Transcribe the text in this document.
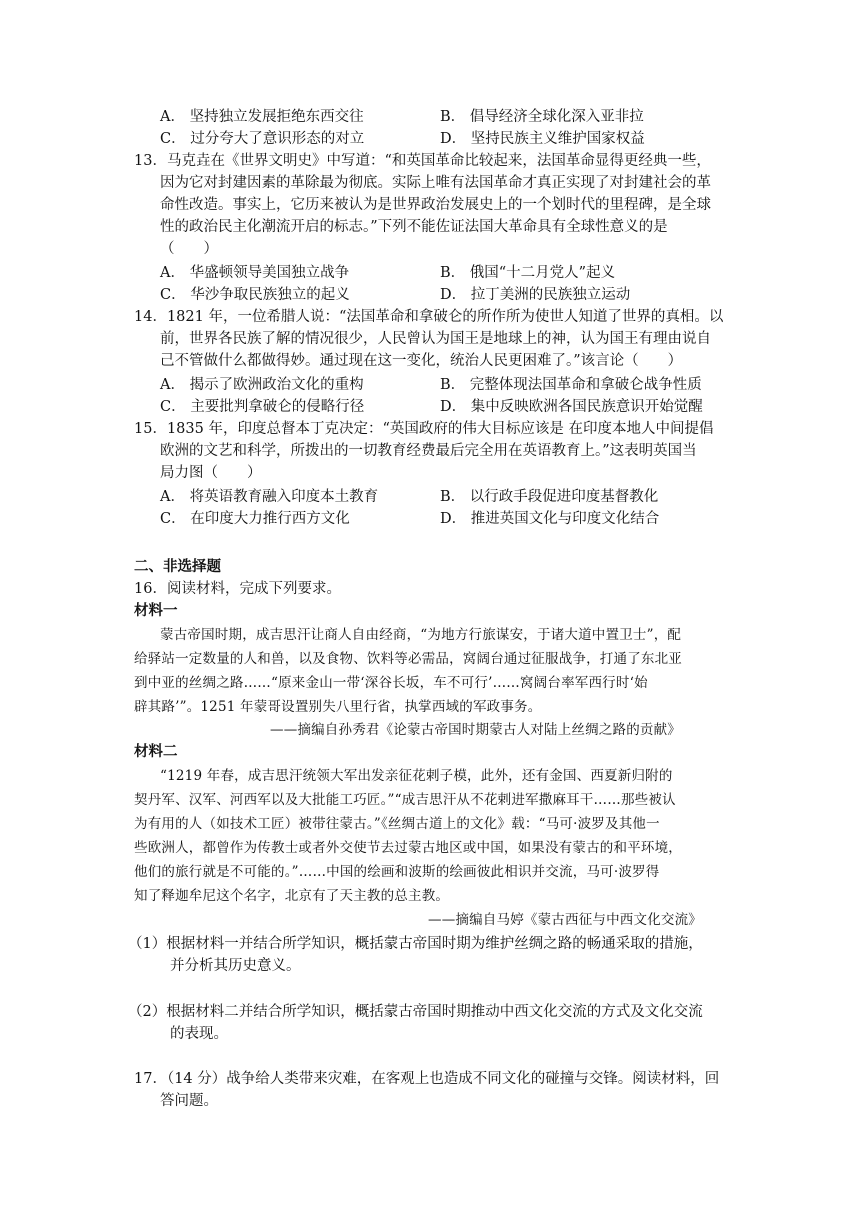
A． 坚持独立发展拒绝东西交往	B． 倡导经济全球化深入亚非拉
C． 过分夸大了意识形态的对立	D． 坚持民族主义维护国家权益
13．马克垚在《世界文明史》中写道：“和英国革命比较起来，法国革命显得更经典一些，
因为它对封建因素的革除最为彻底。实际上唯有法国革命才真正实现了对封建社会的革
命性改造。事实上，它历来被认为是世界政治发展史上的一个划时代的里程碑，是全球
性的政治民主化潮流开启的标志。”下列不能佐证法国大革命具有全球性意义的是
（　　）
A． 华盛顿领导美国独立战争	B． 俄国“十二月党人”起义
C． 华沙争取民族独立的起义	D． 拉丁美洲的民族独立运动
14．1821 年，一位希腊人说：“法国革命和拿破仑的所作所为使世人知道了世界的真相。以
前，世界各民族了解的情况很少，人民曾认为国王是地球上的神，认为国王有理由说自
己不管做什么都做得妙。通过现在这一变化，统治人民更困难了。”该言论（　　）
A． 揭示了欧洲政治文化的重构	B． 完整体现法国革命和拿破仑战争性质
C． 主要批判拿破仑的侵略行径	D． 集中反映欧洲各国民族意识开始觉醒
15．1835 年，印度总督本丁克决定：“英国政府的伟大目标应该是 在印度本地人中间提倡
欧洲的文艺和科学，所拨出的一切教育经费最后完全用在英语教育上。”这表明英国当
局力图（　　）
A． 将英语教育融入印度本土教育	B． 以行政手段促进印度基督教化
C． 在印度大力推行西方文化	D． 推进英国文化与印度文化结合
二、非选择题
16．阅读材料，完成下列要求。
材料一
蒙古帝国时期，成吉思汗让商人自由经商，“为地方行旅谋安，于诸大道中置卫士”，配
给驿站一定数量的人和兽，以及食物、饮料等必需品，窝阔台通过征服战争，打通了东北亚
到中亚的丝绸之路……“原来金山一带‘深谷长坂，车不可行’……窝阔台率军西行时‘始
辟其路’”。1251 年蒙哥设置别失八里行省，执掌西域的军政事务。
——摘编自孙秀君《论蒙古帝国时期蒙古人对陆上丝绸之路的贡献》
材料二
“1219 年春，成吉思汗统领大军出发亲征花剌子模，此外，还有金国、西夏新归附的
契丹军、汉军、河西军以及大批能工巧匠。”“成吉思汗从不花剌进军撒麻耳干……那些被认
为有用的人（如技术工匠）被带往蒙古。”《丝绸古道上的文化》载：“马可·波罗及其他一
些欧洲人，都曾作为传教士或者外交使节去过蒙古地区或中国，如果没有蒙古的和平环境，
他们的旅行就是不可能的。”……中国的绘画和波斯的绘画彼此相识并交流，马可·波罗得
知了释迦牟尼这个名字，北京有了天主教的总主教。
——摘编自马婷《蒙古西征与中西文化交流》
（1）根据材料一并结合所学知识，概括蒙古帝国时期为维护丝绸之路的畅通采取的措施，
并分析其历史意义。
（2）根据材料二并结合所学知识，概括蒙古帝国时期推动中西文化交流的方式及文化交流
的表现。
17．（14 分）战争给人类带来灾难，在客观上也造成不同文化的碰撞与交锋。阅读材料，回
答问题。
